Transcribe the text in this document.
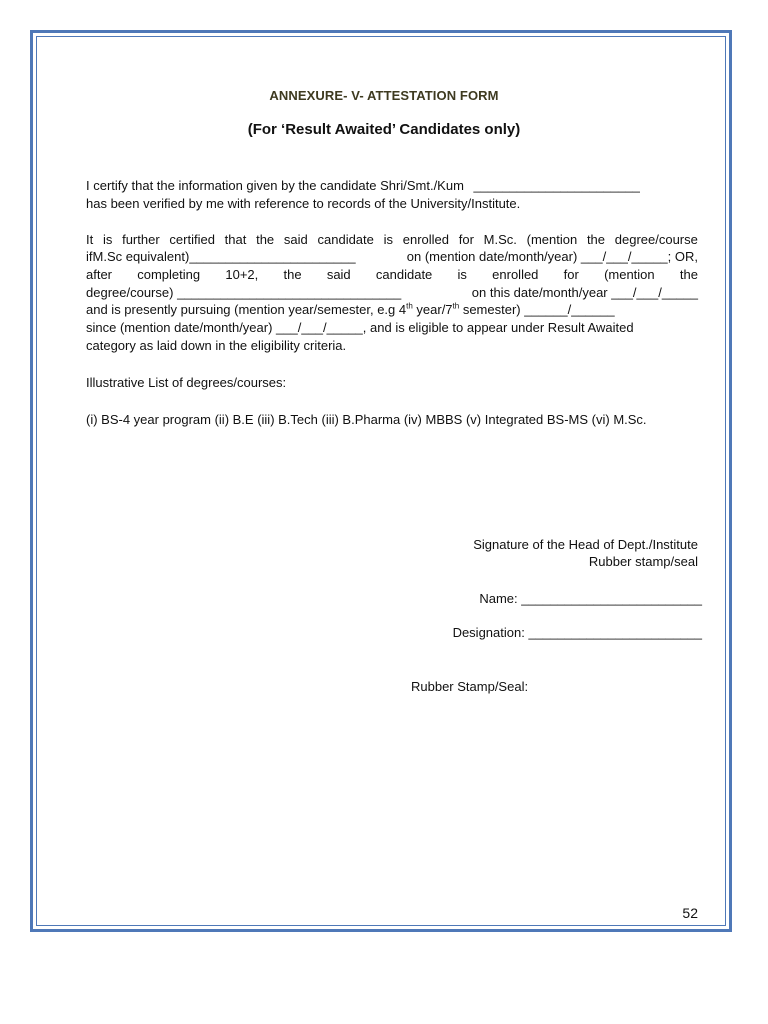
ANNEXURE- V- ATTESTATION FORM
(For ‘Result Awaited’ Candidates only)
I certify that the information given by the candidate Shri/Smt./Kum _______________________
has been verified by me with reference to records of the University/Institute.
It is further certified that the said candidate is enrolled for M.Sc. (mention the degree/course
ifM.Sc equivalent)_______________________	on (mention date/month/year) ___/___/_____; OR,
after completing 10+2, the said candidate is enrolled for (mention the
degree/course) _______________________________	on this date/month/year ___/___/_____
and is presently pursuing (mention year/semester, e.g 4th year/7th semester) ______/______
since (mention date/month/year) ___/___/_____, and is eligible to appear under Result Awaited
category as laid down in the eligibility criteria.
Illustrative List of degrees/courses:
(i) BS-4 year program (ii) B.E (iii) B.Tech (iii) B.Pharma (iv) MBBS (v) Integrated BS-MS (vi) M.Sc.
Signature of the Head of Dept./Institute
Rubber stamp/seal
Name: _________________________
Designation: ________________________
Rubber Stamp/Seal:
52
